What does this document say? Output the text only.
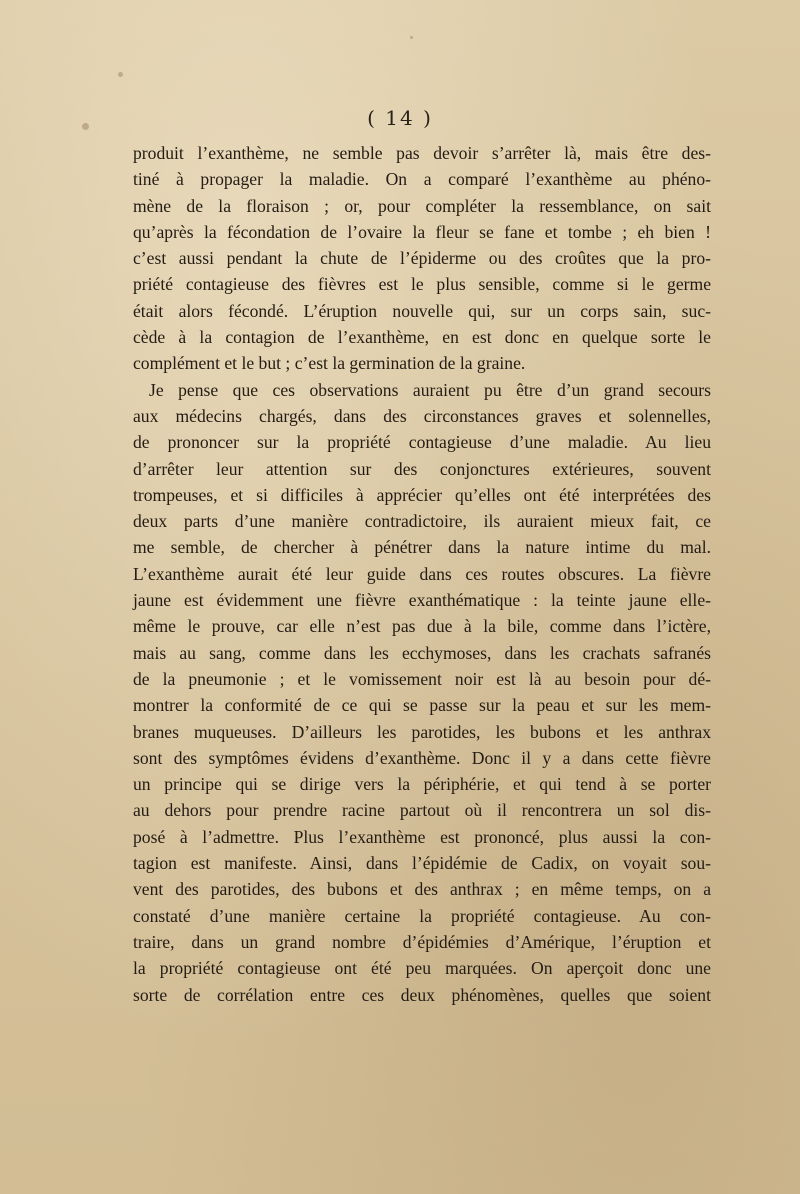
( 14 )
produit l’exanthème, ne semble pas devoir s’arrêter là, mais être des-
tiné à propager la maladie. On a comparé l’exanthème au phéno-
mène de la floraison ; or, pour compléter la ressemblance, on sait
qu’après la fécondation de l’ovaire la fleur se fane et tombe ; eh bien !
c’est aussi pendant la chute de l’épiderme ou des croûtes que la pro-
priété contagieuse des fièvres est le plus sensible, comme si le germe
était alors fécondé. L’éruption nouvelle qui, sur un corps sain, suc-
cède à la contagion de l’exanthème, en est donc en quelque sorte le
complément et le but ; c’est la germination de la graine.
Je pense que ces observations auraient pu être d’un grand secours
aux médecins chargés, dans des circonstances graves et solennelles,
de prononcer sur la propriété contagieuse d’une maladie. Au lieu
d’arrêter leur attention sur des conjonctures extérieures, souvent
trompeuses, et si difficiles à apprécier qu’elles ont été interprétées des
deux parts d’une manière contradictoire, ils auraient mieux fait, ce
me semble, de chercher à pénétrer dans la nature intime du mal.
L’exanthème aurait été leur guide dans ces routes obscures. La fièvre
jaune est évidemment une fièvre exanthématique : la teinte jaune elle-
même le prouve, car elle n’est pas due à la bile, comme dans l’ictère,
mais au sang, comme dans les ecchymoses, dans les crachats safranés
de la pneumonie ; et le vomissement noir est là au besoin pour dé-
montrer la conformité de ce qui se passe sur la peau et sur les mem-
branes muqueuses. D’ailleurs les parotides, les bubons et les anthrax
sont des symptômes évidens d’exanthème. Donc il y a dans cette fièvre
un principe qui se dirige vers la périphérie, et qui tend à se porter
au dehors pour prendre racine partout où il rencontrera un sol dis-
posé à l’admettre. Plus l’exanthème est prononcé, plus aussi la con-
tagion est manifeste. Ainsi, dans l’épidémie de Cadix, on voyait sou-
vent des parotides, des bubons et des anthrax ; en même temps, on a
constaté d’une manière certaine la propriété contagieuse. Au con-
traire, dans un grand nombre d’épidémies d’Amérique, l’éruption et
la propriété contagieuse ont été peu marquées. On aperçoit donc une
sorte de corrélation entre ces deux phénomènes, quelles que soient
